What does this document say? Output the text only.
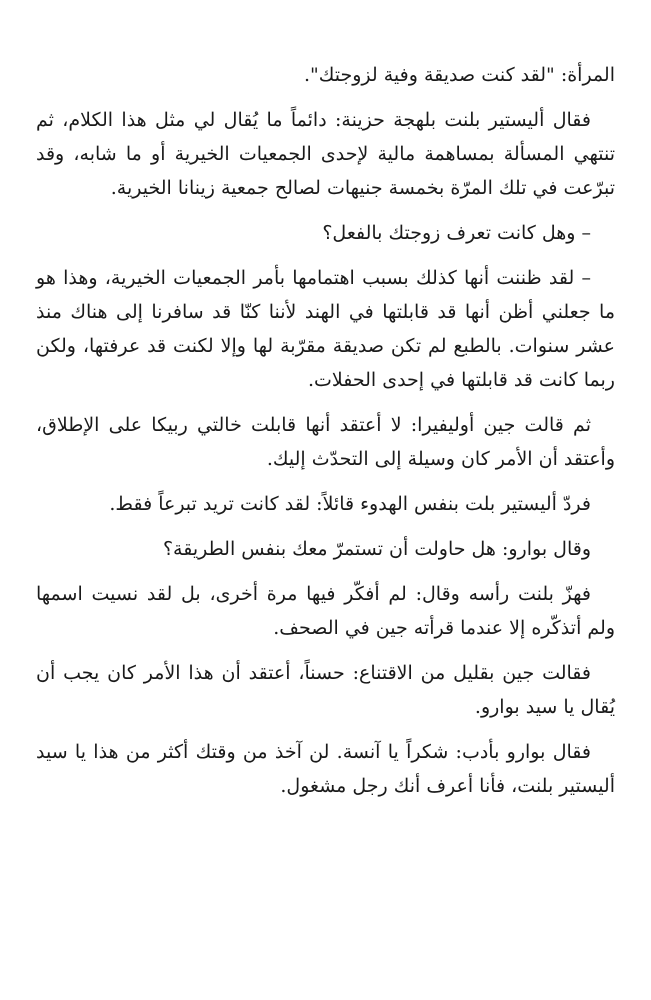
المرأة: "لقد كنت صديقة وفية لزوجتك".

فقال أليستير بلنت بلهجة حزينة: دائماً ما يُقال لي مثل هذا الكلام، ثم تنتهي المسألة بمساهمة مالية لإحدى الجمعيات الخيرية أو ما شابه، وقد تبرّعت في تلك المرّة بخمسة جنيهات لصالح جمعية زينانا الخيرية.

– وهل كانت تعرف زوجتك بالفعل؟

– لقد ظننت أنها كذلك بسبب اهتمامها بأمر الجمعيات الخيرية، وهذا هو ما جعلني أظن أنها قد قابلتها في الهند لأننا كنّا قد سافرنا إلى هناك منذ عشر سنوات. بالطبع لم تكن صديقة مقرّبة لها وإلا لكنت قد عرفتها، ولكن ربما كانت قد قابلتها في إحدى الحفلات.

ثم قالت جين أوليفيرا: لا أعتقد أنها قابلت خالتي ربيكا على الإطلاق، وأعتقد أن الأمر كان وسيلة إلى التحدّث إليك.

فردّ أليستير بلت بنفس الهدوء قائلاً: لقد كانت تريد تبرعاً فقط.

وقال بوارو: هل حاولت أن تستمرّ معك بنفس الطريقة؟

فهزّ بلنت رأسه وقال: لم أفكّر فيها مرة أخرى، بل لقد نسيت اسمها ولم أتذكّره إلا عندما قرأته جين في الصحف.

فقالت جين بقليل من الاقتناع: حسناً، أعتقد أن هذا الأمر كان يجب أن يُقال يا سيد بوارو.

فقال بوارو بأدب: شكراً يا آنسة. لن آخذ من وقتك أكثر من هذا يا سيد أليستير بلنت، فأنا أعرف أنك رجل مشغول.
